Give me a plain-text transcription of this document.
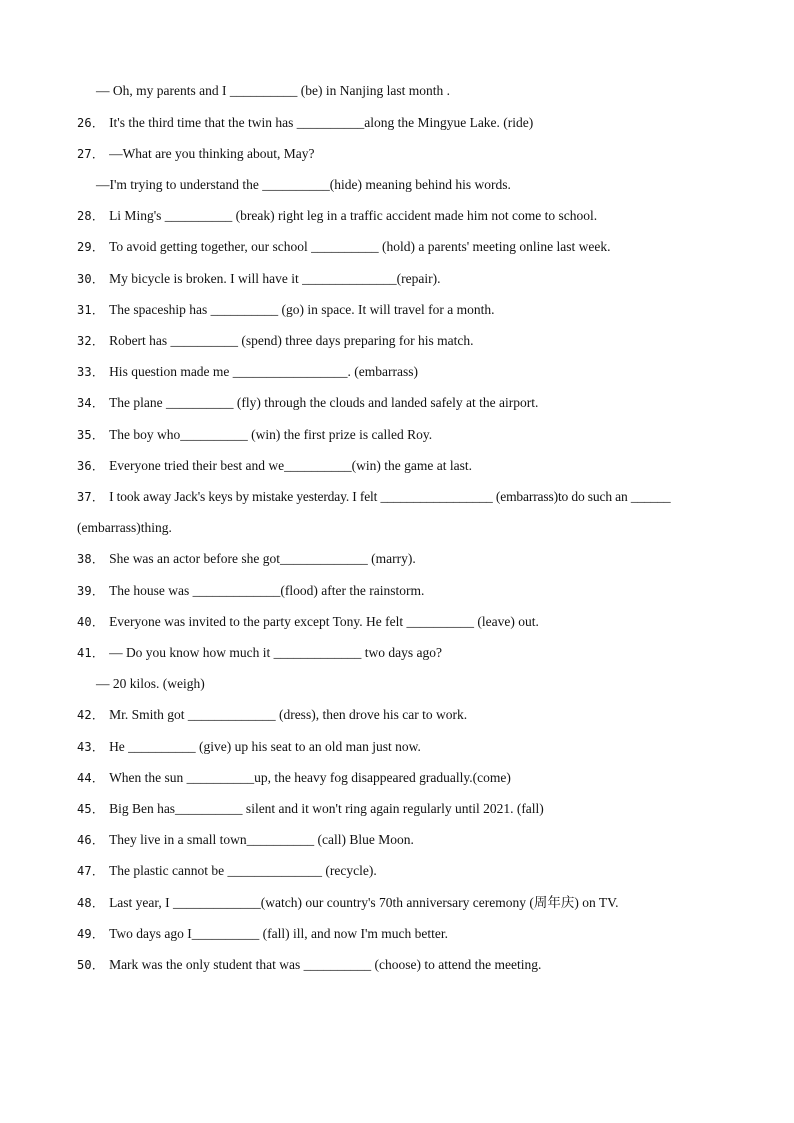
— Oh, my parents and I __________ (be) in Nanjing last month .
26． It's the third time that the twin has __________along the Mingyue Lake. (ride)
27． —What are you thinking about, May?
—I'm trying to understand the __________(hide) meaning behind his words.
28． Li Ming's __________ (break) right leg in a traffic accident made him not come to school.
29． To avoid getting together, our school __________ (hold) a parents' meeting online last week.
30． My bicycle is broken. I will have it ______________(repair).
31． The spaceship has __________ (go) in space. It will travel for a month.
32． Robert has __________ (spend) three days preparing for his match.
33． His question made me _________________. (embarrass)
34． The plane __________ (fly) through the clouds and landed safely at the airport.
35． The boy who__________ (win) the first prize is called Roy.
36． Everyone tried their best and we__________(win) the game at last.
37． I took away Jack's keys by mistake yesterday. I felt _________________ (embarrass)to do such an ______
(embarrass)thing.
38． She was an actor before she got_____________ (marry).
39． The house was _____________(flood) after the rainstorm.
40． Everyone was invited to the party except Tony. He felt __________ (leave) out.
41． — Do you know how much it _____________ two days ago?
— 20 kilos. (weigh)
42． Mr. Smith got _____________ (dress), then drove his car to work.
43． He __________ (give) up his seat to an old man just now.
44． When the sun __________up, the heavy fog disappeared gradually.(come)
45． Big Ben has__________ silent and it won't ring again regularly until 2021. (fall)
46． They live in a small town__________ (call) Blue Moon.
47． The plastic cannot be ______________ (recycle).
48． Last year, I _____________(watch) our country's 70th anniversary ceremony (周年庆) on TV.
49． Two days ago I__________ (fall) ill, and now I'm much better.
50． Mark was the only student that was __________ (choose) to attend the meeting.
